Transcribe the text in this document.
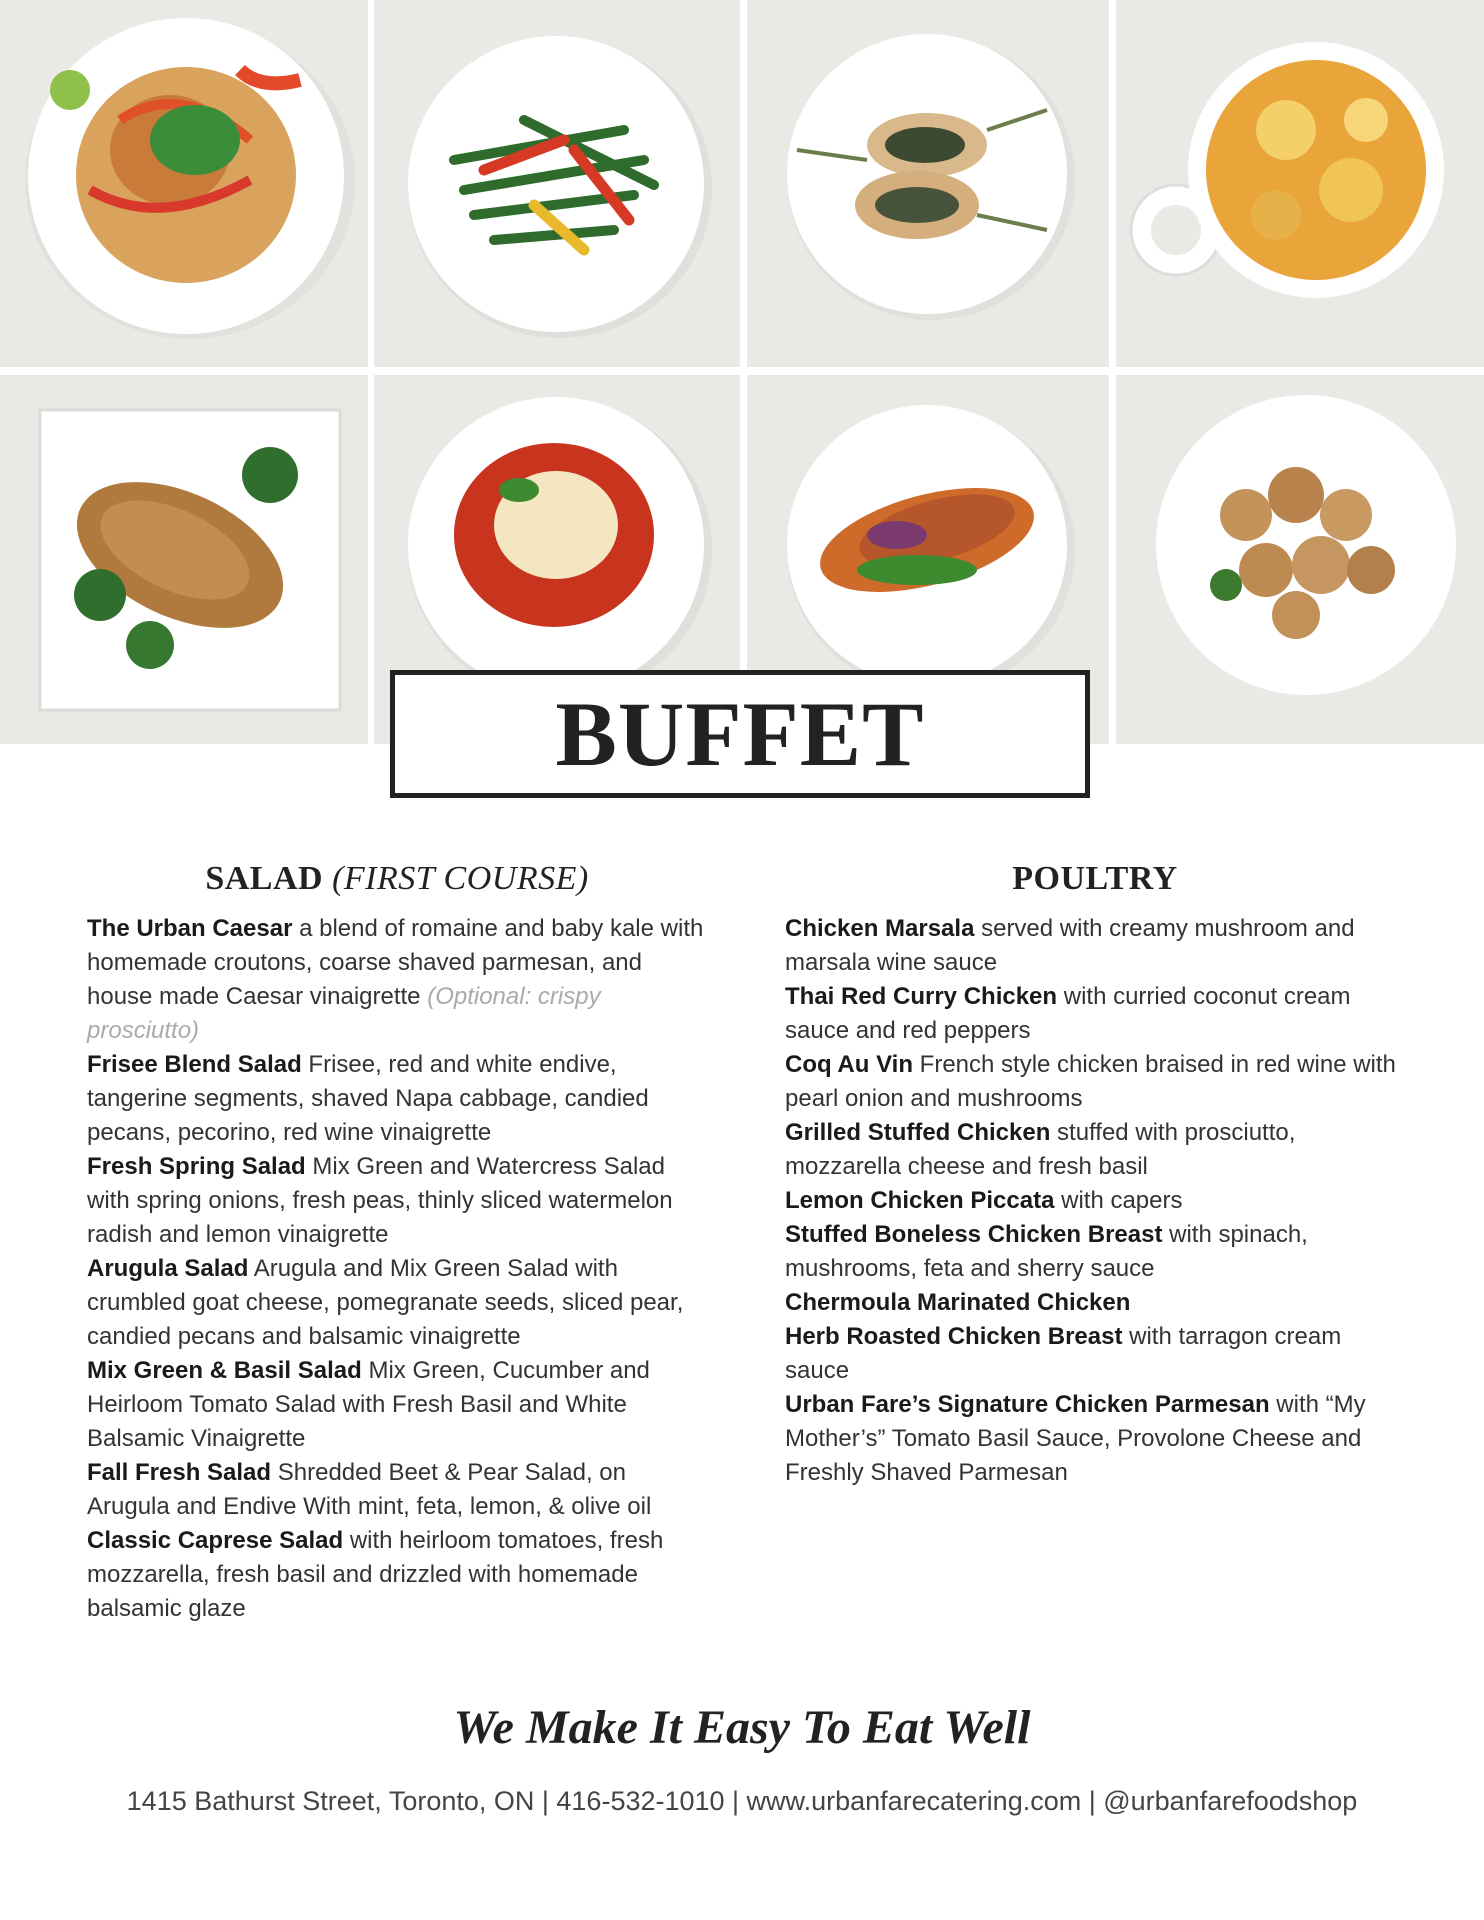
BUFFET
SALAD (FIRST COURSE)
The Urban Caesar a blend of romaine and baby kale with homemade croutons, coarse shaved parmesan, and house made Caesar vinaigrette (Optional: crispy prosciutto)
Frisee Blend Salad Frisee, red and white endive, tangerine segments, shaved Napa cabbage, candied pecans, pecorino, red wine vinaigrette
Fresh Spring Salad Mix Green and Watercress Salad with spring onions, fresh peas, thinly sliced watermelon radish and lemon vinaigrette
Arugula Salad Arugula and Mix Green Salad with crumbled goat cheese, pomegranate seeds, sliced pear, candied pecans and balsamic vinaigrette
Mix Green & Basil Salad Mix Green, Cucumber and Heirloom Tomato Salad with Fresh Basil and White Balsamic Vinaigrette
Fall Fresh Salad Shredded Beet & Pear Salad, on Arugula and Endive With mint, feta, lemon, & olive oil
Classic Caprese Salad with heirloom tomatoes, fresh mozzarella, fresh basil and drizzled with homemade balsamic glaze
POULTRY
Chicken Marsala served with creamy mushroom and marsala wine sauce
Thai Red Curry Chicken with curried coconut cream sauce and red peppers
Coq Au Vin French style chicken braised in red wine with pearl onion and mushrooms
Grilled Stuffed Chicken stuffed with prosciutto, mozzarella cheese and fresh basil
Lemon Chicken Piccata with capers
Stuffed Boneless Chicken Breast with spinach, mushrooms, feta and sherry sauce
Chermoula Marinated Chicken
Herb Roasted Chicken Breast with tarragon cream sauce
Urban Fare’s Signature Chicken Parmesan with “My Mother’s” Tomato Basil Sauce, Provolone Cheese and Freshly Shaved Parmesan
We Make It Easy To Eat Well
1415 Bathurst Street, Toronto, ON | 416-532-1010 | www.urbanfarecatering.com | @urbanfarefoodshop
